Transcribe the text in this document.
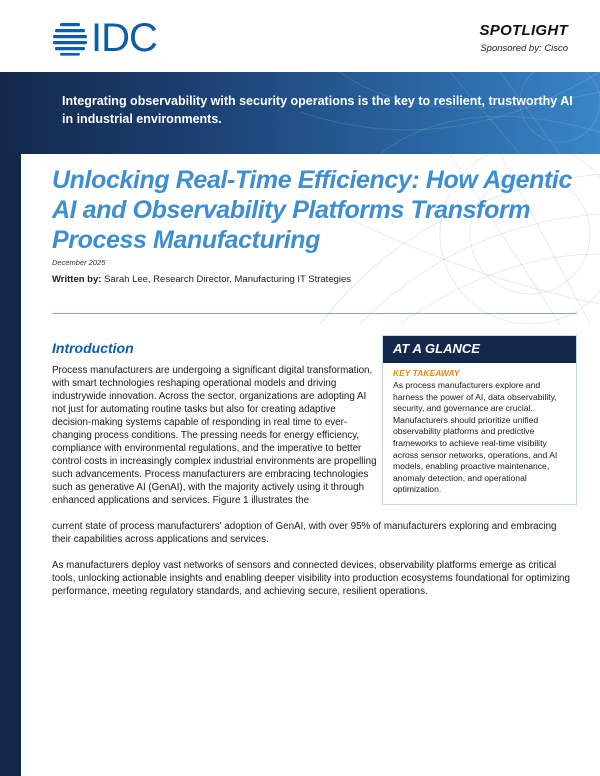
IDC	SPOTLIGHT
Sponsored by: Cisco
Integrating observability with security operations is the key to resilient, trustworthy AI in industrial environments.
Unlocking Real-Time Efficiency: How Agentic AI and Observability Platforms Transform Process Manufacturing
December 2025
Written by: Sarah Lee, Research Director, Manufacturing IT Strategies
Introduction
Process manufacturers are undergoing a significant digital transformation, with smart technologies reshaping operational models and driving industrywide innovation. Across the sector, organizations are adopting AI not just for automating routine tasks but also for creating adaptive decision-making systems capable of responding in real time to ever-changing process conditions. The pressing needs for energy efficiency, compliance with environmental regulations, and the imperative to better control costs in increasingly complex industrial environments are propelling such advancements. Process manufacturers are embracing technologies such as generative AI (GenAI), with the majority actively using it through enhanced applications and services. Figure 1 illustrates the
current state of process manufacturers' adoption of GenAI, with over 95% of manufacturers exploring and embracing their capabilities across applications and services.
As manufacturers deploy vast networks of sensors and connected devices, observability platforms emerge as critical tools, unlocking actionable insights and enabling deeper visibility into production ecosystems foundational for optimizing performance, meeting regulatory standards, and achieving secure, resilient operations.
AT A GLANCE
KEY TAKEAWAY
As process manufacturers explore and harness the power of AI, data observability, security, and governance are crucial. Manufacturers should prioritize unified observability platforms and predictive frameworks to achieve real-time visibility across sensor networks, operations, and AI models, enabling proactive maintenance, anomaly detection, and operational optimization.
